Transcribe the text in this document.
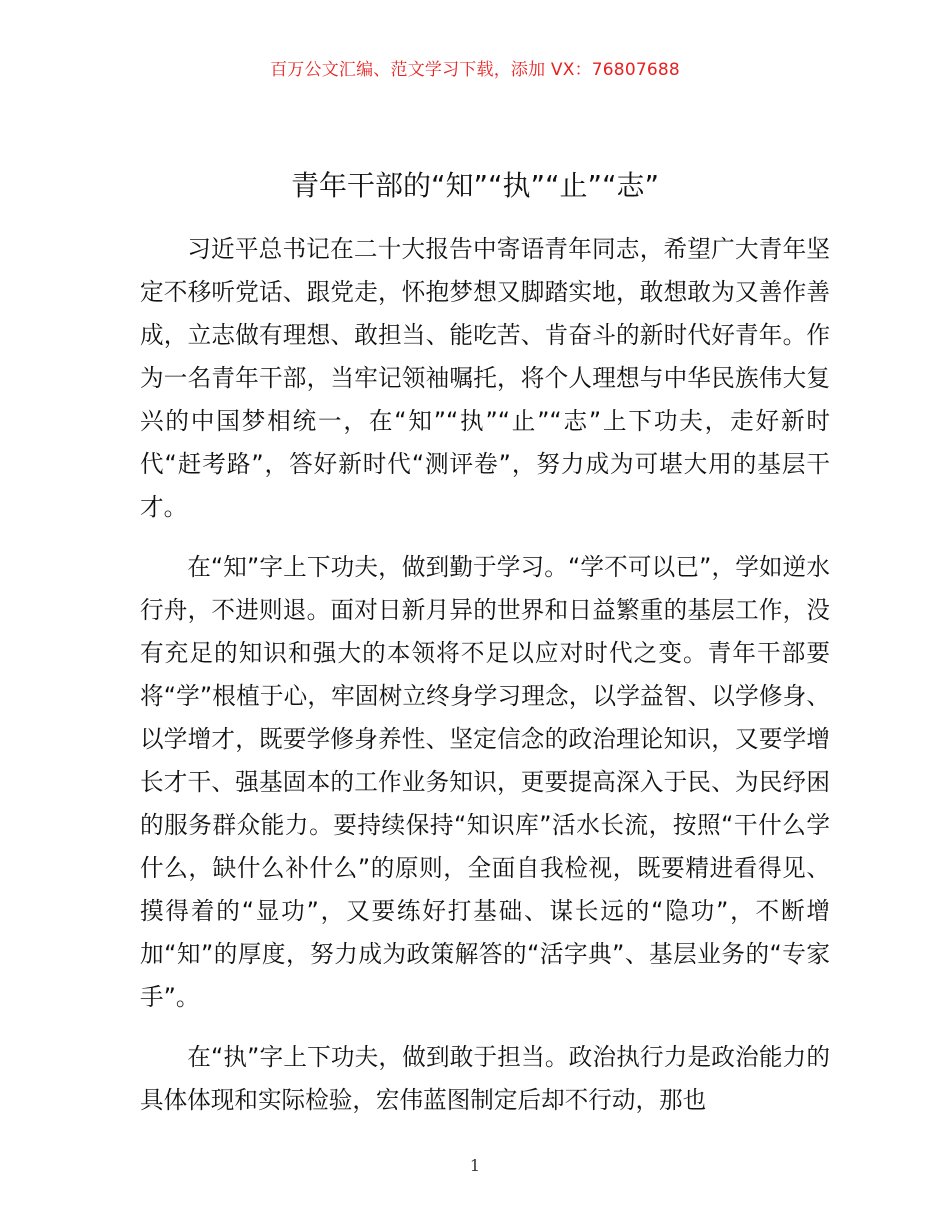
百万公文汇编、范文学习下载，添加 VX：76807688
青年干部的“知”“执”“止”“志”

习近平总书记在二十大报告中寄语青年同志，希望广大青年坚定不移听党话、跟党走，怀抱梦想又脚踏实地，敢想敢为又善作善成，立志做有理想、敢担当、能吃苦、肯奋斗的新时代好青年。作为一名青年干部，当牢记领袖嘱托，将个人理想与中华民族伟大复兴的中国梦相统一，在“知”“执”“止”“志”上下功夫，走好新时代“赶考路”，答好新时代“测评卷”，努力成为可堪大用的基层干才。

在“知”字上下功夫，做到勤于学习。“学不可以已”，学如逆水行舟，不进则退。面对日新月异的世界和日益繁重的基层工作，没有充足的知识和强大的本领将不足以应对时代之变。青年干部要将“学”根植于心，牢固树立终身学习理念，以学益智、以学修身、以学增才，既要学修身养性、坚定信念的政治理论知识，又要学增长才干、强基固本的工作业务知识，更要提高深入于民、为民纾困的服务群众能力。要持续保持“知识库”活水长流，按照“干什么学什么，缺什么补什么”的原则，全面自我检视，既要精进看得见、摸得着的“显功”，又要练好打基础、谋长远的“隐功”，不断增加“知”的厚度，努力成为政策解答的“活字典”、基层业务的“专家手”。

在“执”字上下功夫，做到敢于担当。政治执行力是政治能力的具体体现和实际检验，宏伟蓝图制定后却不行动，那也

1
